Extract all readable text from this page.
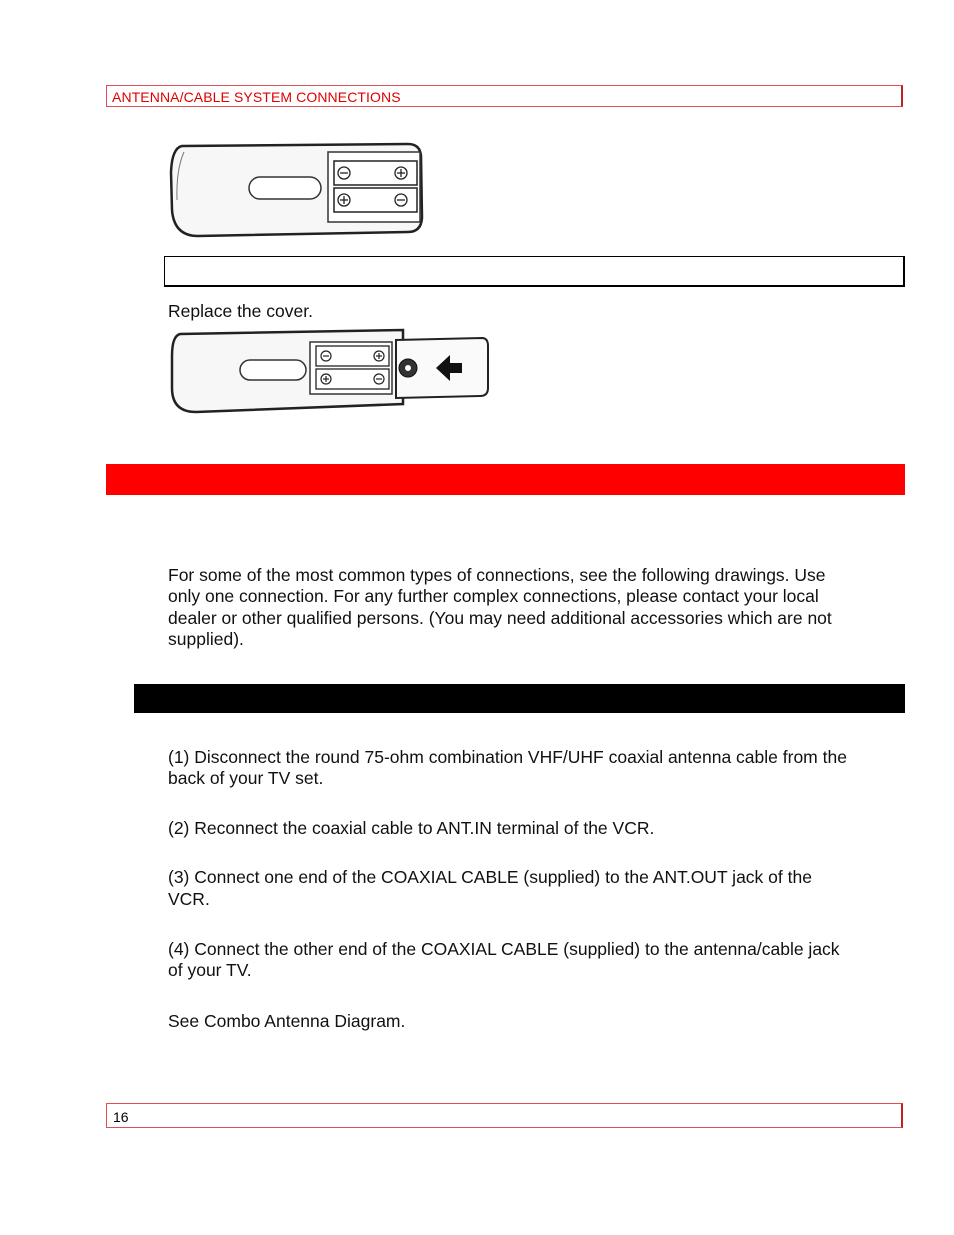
ANTENNA/CABLE SYSTEM CONNECTIONS
Replace the cover.
For some of the most common types of connections, see the following drawings. Use
only one connection. For any further complex connections, please contact your local
dealer or other qualified persons. (You may need additional accessories which are not
supplied).
(1) Disconnect the round 75-ohm combination VHF/UHF coaxial antenna cable from the
back of your TV set.
(2) Reconnect the coaxial cable to ANT.IN terminal of the VCR.
(3) Connect one end of the COAXIAL CABLE (supplied) to the ANT.OUT jack of the
VCR.
(4) Connect the other end of the COAXIAL CABLE (supplied) to the antenna/cable jack
of your TV.
See Combo Antenna Diagram.
16
